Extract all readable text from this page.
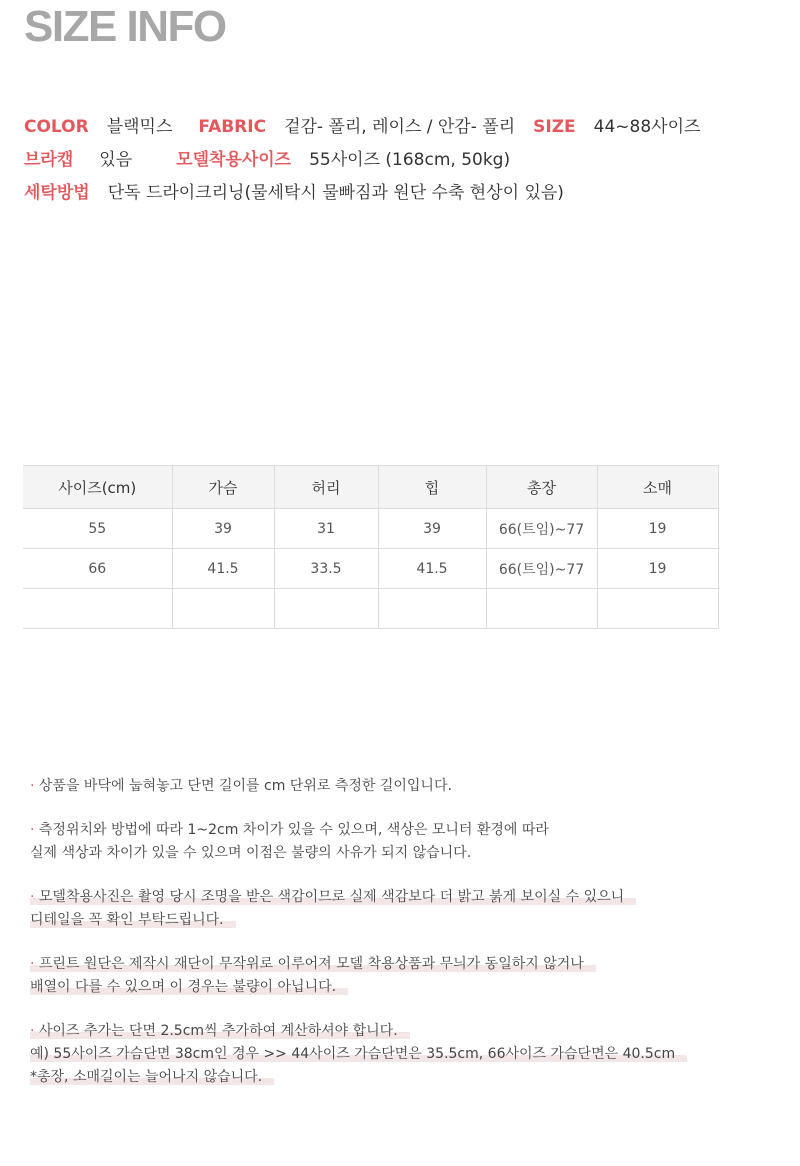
SIZE INFO
COLOR 블랙믹스 FABRIC 겉감- 폴리, 레이스 / 안감- 폴리 SIZE 44~88사이즈
브라캡 있음	모델착용사이즈 55사이즈 (168cm, 50kg)
세탁방법 단독 드라이크리닝(물세탁시 물빠짐과 원단 수축 현상이 있음)
사이즈(cm)	가슴	허리	힙	총장	소매
55	39	31	39	66(트임)~77	19
66	41.5	33.5	41.5	66(트임)~77	19

· 상품을 바닥에 눕혀놓고 단면 길이를 cm 단위로 측정한 길이입니다.
· 측정위치와 방법에 따라 1~2cm 차이가 있을 수 있으며, 색상은 모니터 환경에 따라
실제 색상과 차이가 있을 수 있으며 이점은 불량의 사유가 되지 않습니다.
· 모델착용사진은 촬영 당시 조명을 받은 색감이므로 실제 색감보다 더 밝고 붉게 보이실 수 있으니
디테일을 꼭 확인 부탁드립니다.
· 프린트 원단은 제작시 재단이 무작위로 이루어져 모델 착용상품과 무늬가 동일하지 않거나
배열이 다를 수 있으며 이 경우는 불량이 아닙니다.
· 사이즈 추가는 단면 2.5cm씩 추가하여 계산하셔야 합니다.
예) 55사이즈 가슴단면 38cm인 경우 >> 44사이즈 가슴단면은 35.5cm, 66사이즈 가슴단면은 40.5cm
*총장, 소매길이는 늘어나지 않습니다.
